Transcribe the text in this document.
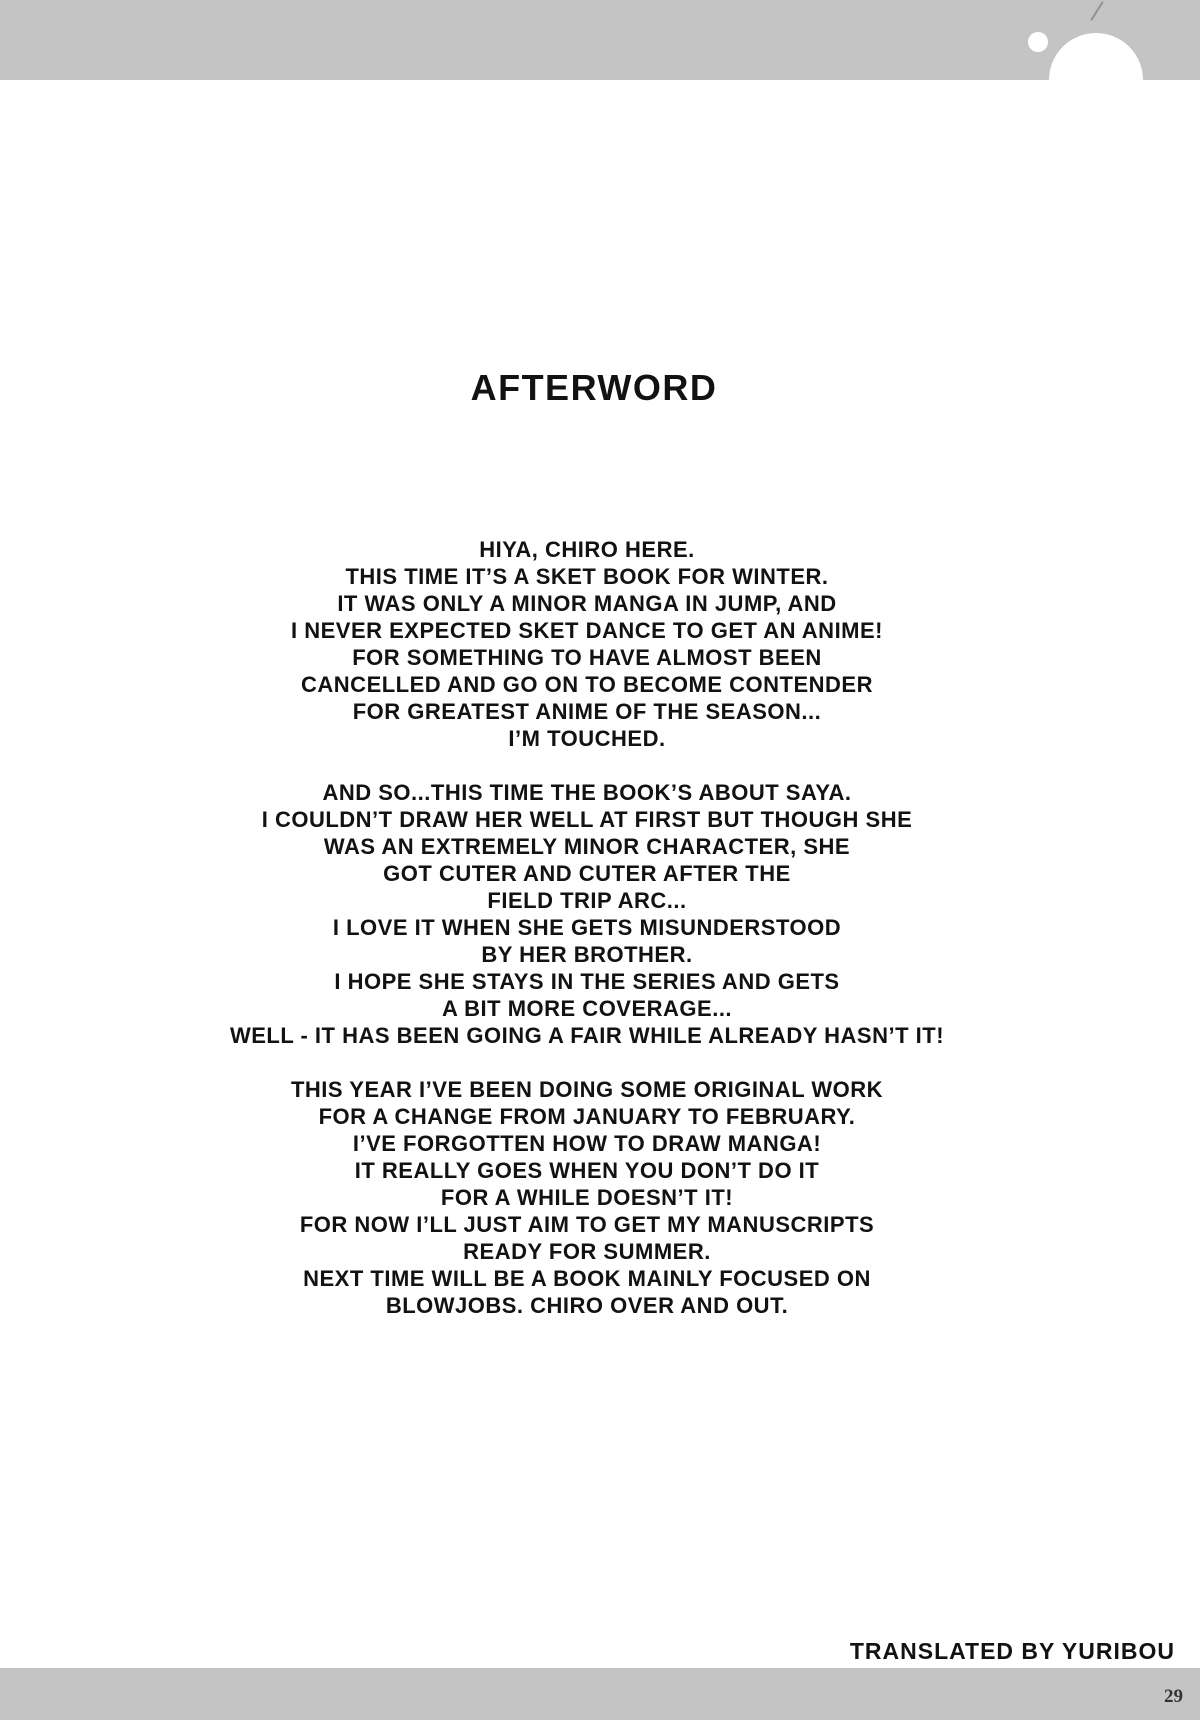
AFTERWORD
HIYA, CHIRO HERE.
THIS TIME IT’S A SKET BOOK FOR WINTER.
IT WAS ONLY A MINOR MANGA IN JUMP, AND
I NEVER EXPECTED SKET DANCE TO GET AN ANIME!
FOR SOMETHING TO HAVE ALMOST BEEN
CANCELLED AND GO ON TO BECOME CONTENDER
FOR GREATEST ANIME OF THE SEASON...
I’M TOUCHED.
AND SO...THIS TIME THE BOOK’S ABOUT SAYA.
I COULDN’T DRAW HER WELL AT FIRST BUT THOUGH SHE
WAS AN EXTREMELY MINOR CHARACTER, SHE
GOT CUTER AND CUTER AFTER THE
FIELD TRIP ARC...
I LOVE IT WHEN SHE GETS MISUNDERSTOOD
BY HER BROTHER.
I HOPE SHE STAYS IN THE SERIES AND GETS
A BIT MORE COVERAGE...
WELL - IT HAS BEEN GOING A FAIR WHILE ALREADY HASN’T IT!
THIS YEAR I’VE BEEN DOING SOME ORIGINAL WORK
FOR A CHANGE FROM JANUARY TO FEBRUARY.
I’VE FORGOTTEN HOW TO DRAW MANGA!
IT REALLY GOES WHEN YOU DON’T DO IT
FOR A WHILE DOESN’T IT!
FOR NOW I’LL JUST AIM TO GET MY MANUSCRIPTS
READY FOR SUMMER.
NEXT TIME WILL BE A BOOK MAINLY FOCUSED ON
BLOWJOBS. CHIRO OVER AND OUT.
TRANSLATED BY YURIBOU
29
